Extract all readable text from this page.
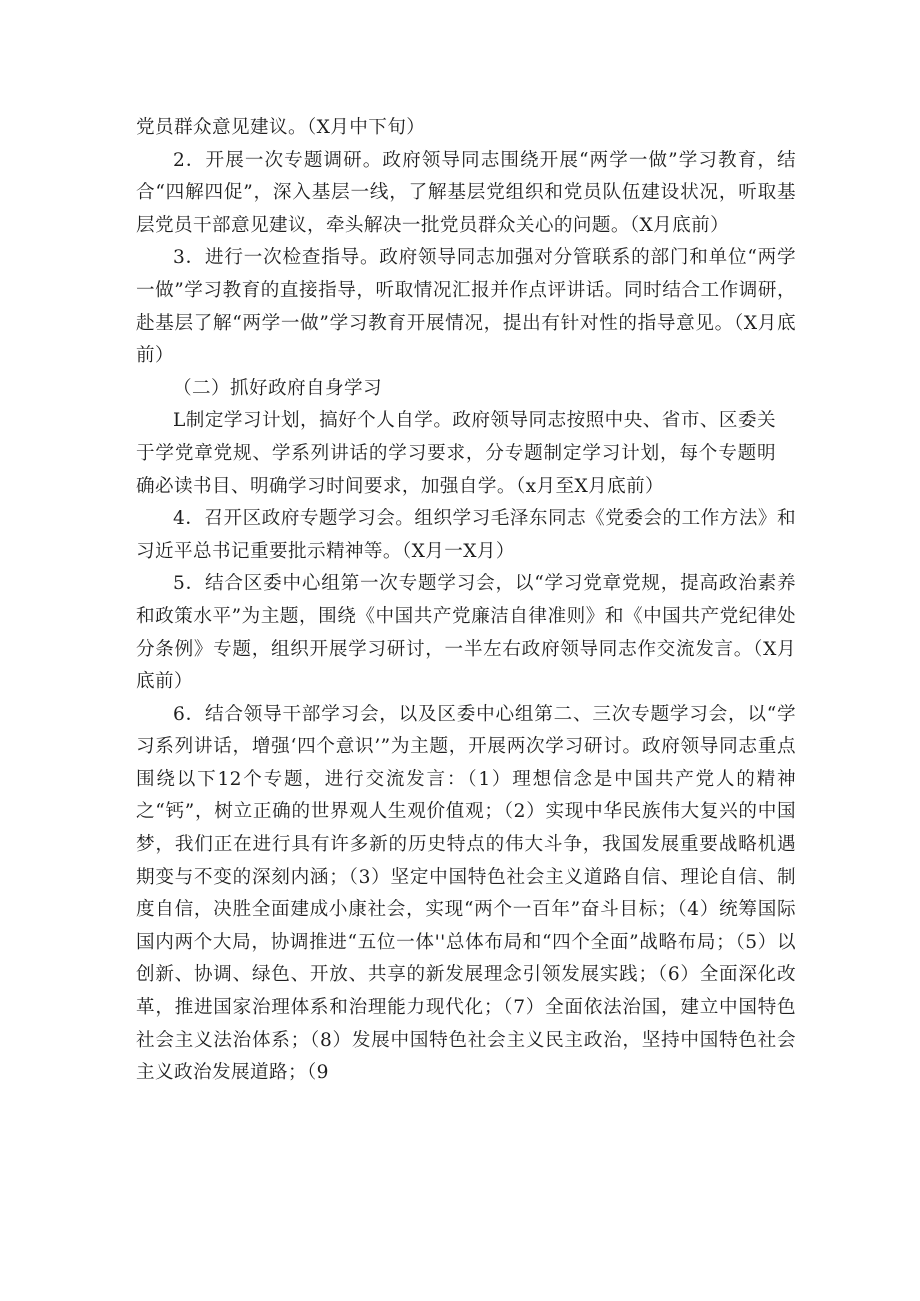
党员群众意见建议。（X月中下旬）

2．开展一次专题调研。政府领导同志围绕开展“两学一做”学习教育，结合“四解四促”，深入基层一线，了解基层党组织和党员队伍建设状况，听取基层党员干部意见建议，牵头解决一批党员群众关心的问题。（X月底前）

3．进行一次检查指导。政府领导同志加强对分管联系的部门和单位“两学一做”学习教育的直接指导，听取情况汇报并作点评讲话。同时结合工作调研，赴基层了解“两学一做”学习教育开展情况，提出有针对性的指导意见。（X月底前）

（二）抓好政府自身学习

L制定学习计划，搞好个人自学。政府领导同志按照中央、省市、区委关于学党章党规、学系列讲话的学习要求，分专题制定学习计划，每个专题明确必读书目、明确学习时间要求，加强自学。（x月至X月底前）

4．召开区政府专题学习会。组织学习毛泽东同志《党委会的工作方法》和习近平总书记重要批示精神等。（X月一X月）

5．结合区委中心组第一次专题学习会，以“学习党章党规，提高政治素养和政策水平”为主题，围绕《中国共产党廉洁自律准则》和《中国共产党纪律处分条例》专题，组织开展学习研讨，一半左右政府领导同志作交流发言。（X月底前）

6．结合领导干部学习会，以及区委中心组第二、三次专题学习会，以“学习系列讲话，增强‘四个意识’”为主题，开展两次学习研讨。政府领导同志重点围绕以下12个专题，进行交流发言：（1）理想信念是中国共产党人的精神之“钙”，树立正确的世界观人生观价值观；（2）实现中华民族伟大复兴的中国梦，我们正在进行具有许多新的历史特点的伟大斗争，我国发展重要战略机遇期变与不变的深刻内涵；（3）坚定中国特色社会主义道路自信、理论自信、制度自信，决胜全面建成小康社会，实现“两个一百年”奋斗目标；（4）统筹国际国内两个大局，协调推进“五位一体''总体布局和“四个全面”战略布局；（5）以创新、协调、绿色、开放、共享的新发展理念引领发展实践；（6）全面深化改革，推进国家治理体系和治理能力现代化；（7）全面依法治国，建立中国特色社会主义法治体系；（8）发展中国特色社会主义民主政治，坚持中国特色社会主义政治发展道路；（9
